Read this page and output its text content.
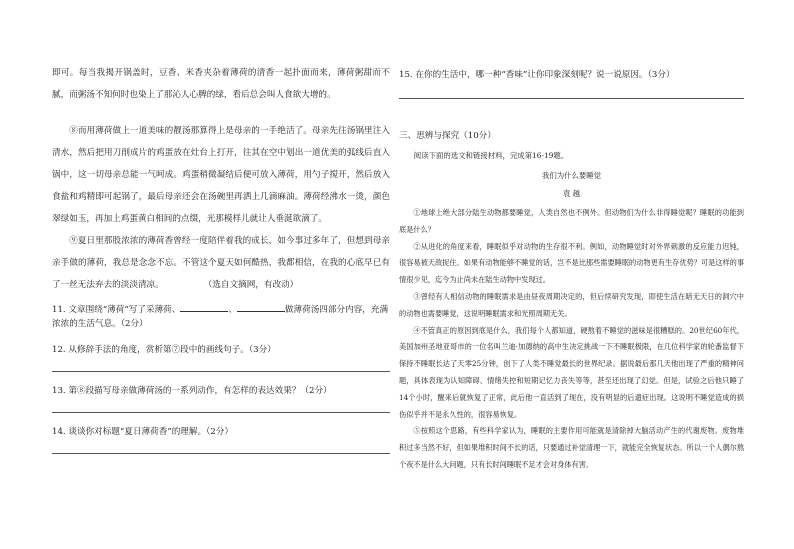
即可。每当我揭开锅盖时，豆香、米香夹杂着薄荷的清香一起扑面而来，薄荷粥甜而不腻，而粥汤不知何时也染上了那沁人心脾的绿，看后总会叫人食欲大增的。

⑧而用薄荷做上一道美味的靓汤那算得上是母亲的一手绝活了。母亲先往汤锅里注入清水，然后把用刀削成片的鸡蛋放在灶台上打开，往其在空中划出一道优美的弧线后直入锅中，这一切母亲总能一气呵成。鸡蛋稍微凝结后便可放入薄荷，用勺子搅开，然后放入食盐和鸡精即可起锅了，最后母亲还会在汤碗里再洒上几滴麻油。薄荷经沸水一烫，颜色翠绿如玉，再加上鸡蛋黄白相间的点缀，光那模样儿就让人垂涎欲滴了。

⑨夏日里那股浓浓的薄荷香曾经一度陪伴着我的成长，如今事过多年了，但想到母亲亲手做的薄荷，我总是念念不忘。不管这个夏天如何酷热，我都相信，在我的心底早已有了一丝无法弃去的淡淡清凉。	（选自文摘网，有改动）

11. 文章围绕“薄荷”写了采薄荷、	、	做薄荷汤四部分内容，充满浓浓的生活气息。（2分）

12. 从修辞手法的角度，赏析第⑦段中的画线句子。（3分）

13. 第⑧段描写母亲做薄荷汤的一系列动作，有怎样的表达效果？（2分）

14. 谈谈你对标题“夏日薄荷香”的理解。（2分）

15. 在你的生活中，哪一种“香味”让你印象深刻呢？说一说原因。（3分）

三、思辨与探究（10分）

阅读下面的选文和链接材料，完成第16-19题。

我们为什么要睡觉

袁 越

①地球上绝大部分陆生动物都要睡觉，人类自然也不例外。但动物们为什么非得睡觉呢？睡眠的功能到底是什么？

②从进化的角度来看，睡眠似乎对动物的生存很不利。例如，动物睡觉时对外界刺激的反应能力迟钝，很容易被天敌捉住。如果有动物能够不睡觉的话，岂不是比那些需要睡眠的动物更有生存优势？可是这样的事情很少见，迄今为止尚未在陆生动物中发现过。

③曾经有人相信动物的睡眠需求是由昼夜周期决定的，但后续研究发现，即使生活在暗无天日的洞穴中的动物也需要睡觉，这说明睡眠需求和光照周期无关。

④不管真正的原因到底是什么，我们每个人都知道，硬熬着不睡觉的滋味是很糟糕的。20世纪60年代，美国加州圣地亚哥市的一位名叫兰迪·加德纳的高中生决定挑战一下不睡眠极限，在几位科学家的轮番监督下保持不睡眠长达了天零25分钟，创下了人类不睡觉最长的世界纪录。据说最后那几天他出现了严重的精神问题，具体表现为认知障碍、情绪失控和短期记忆力丧失等等，甚至还出现了幻觉。但是，试验之后他只睡了14个小时，醒来后就恢复了正常，此后他一直活到了现在，没有明显的后遗症出现。这说明不睡觉造成的损伤似乎并不是永久性的，很容易恢复。

⑤按照这个思路，有些科学家认为，睡眠的主要作用可能就是清除掉大脑活动产生的代谢废物。废物堆积过多当然不好，但如果堆积时间不长的话，只要通过补觉清理一下，就能完全恢复状态。所以一个人偶尔熬个夜不是什么大问题，只有长时间睡眠不足才会对身体有害。
